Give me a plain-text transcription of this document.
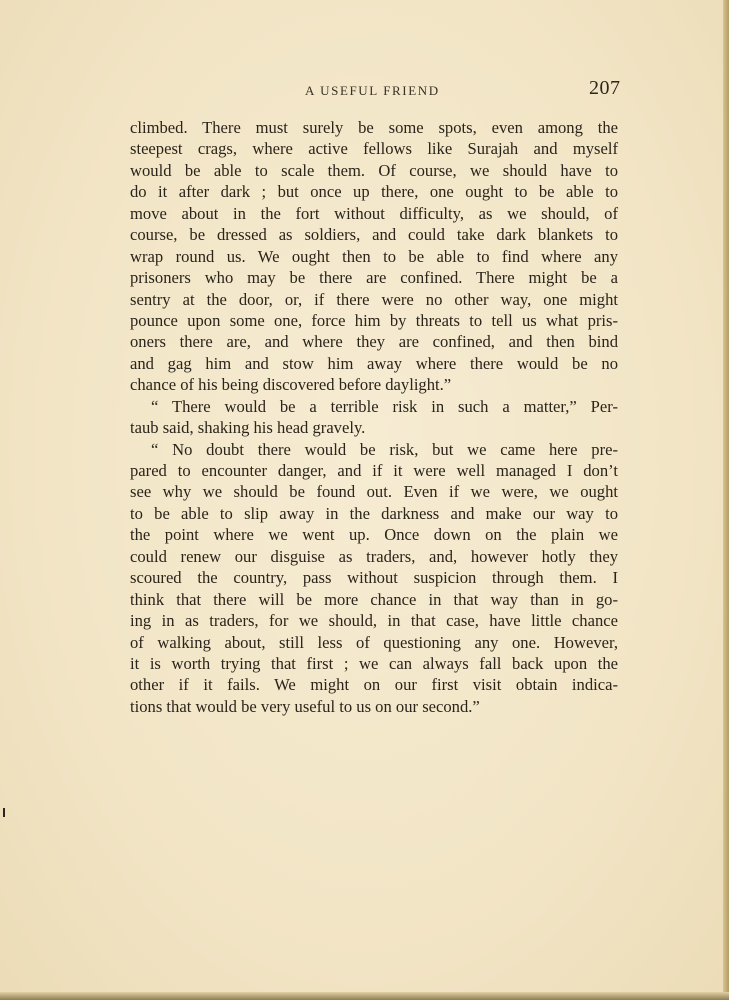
A USEFUL FRIEND	207
climbed. There must surely be some spots, even among the
steepest crags, where active fellows like Surajah and myself
would be able to scale them. Of course, we should have to
do it after dark ; but once up there, one ought to be able to
move about in the fort without difficulty, as we should, of
course, be dressed as soldiers, and could take dark blankets to
wrap round us. We ought then to be able to find where any
prisoners who may be there are confined. There might be a
sentry at the door, or, if there were no other way, one might
pounce upon some one, force him by threats to tell us what pris-
oners there are, and where they are confined, and then bind
and gag him and stow him away where there would be no
chance of his being discovered before daylight.”
“ There would be a terrible risk in such a matter,” Per-
taub said, shaking his head gravely.
“ No doubt there would be risk, but we came here pre-
pared to encounter danger, and if it were well managed I don’t
see why we should be found out. Even if we were, we ought
to be able to slip away in the darkness and make our way to
the point where we went up. Once down on the plain we
could renew our disguise as traders, and, however hotly they
scoured the country, pass without suspicion through them. I
think that there will be more chance in that way than in go-
ing in as traders, for we should, in that case, have little chance
of walking about, still less of questioning any one. However,
it is worth trying that first ; we can always fall back upon the
other if it fails. We might on our first visit obtain indica-
tions that would be very useful to us on our second.”
